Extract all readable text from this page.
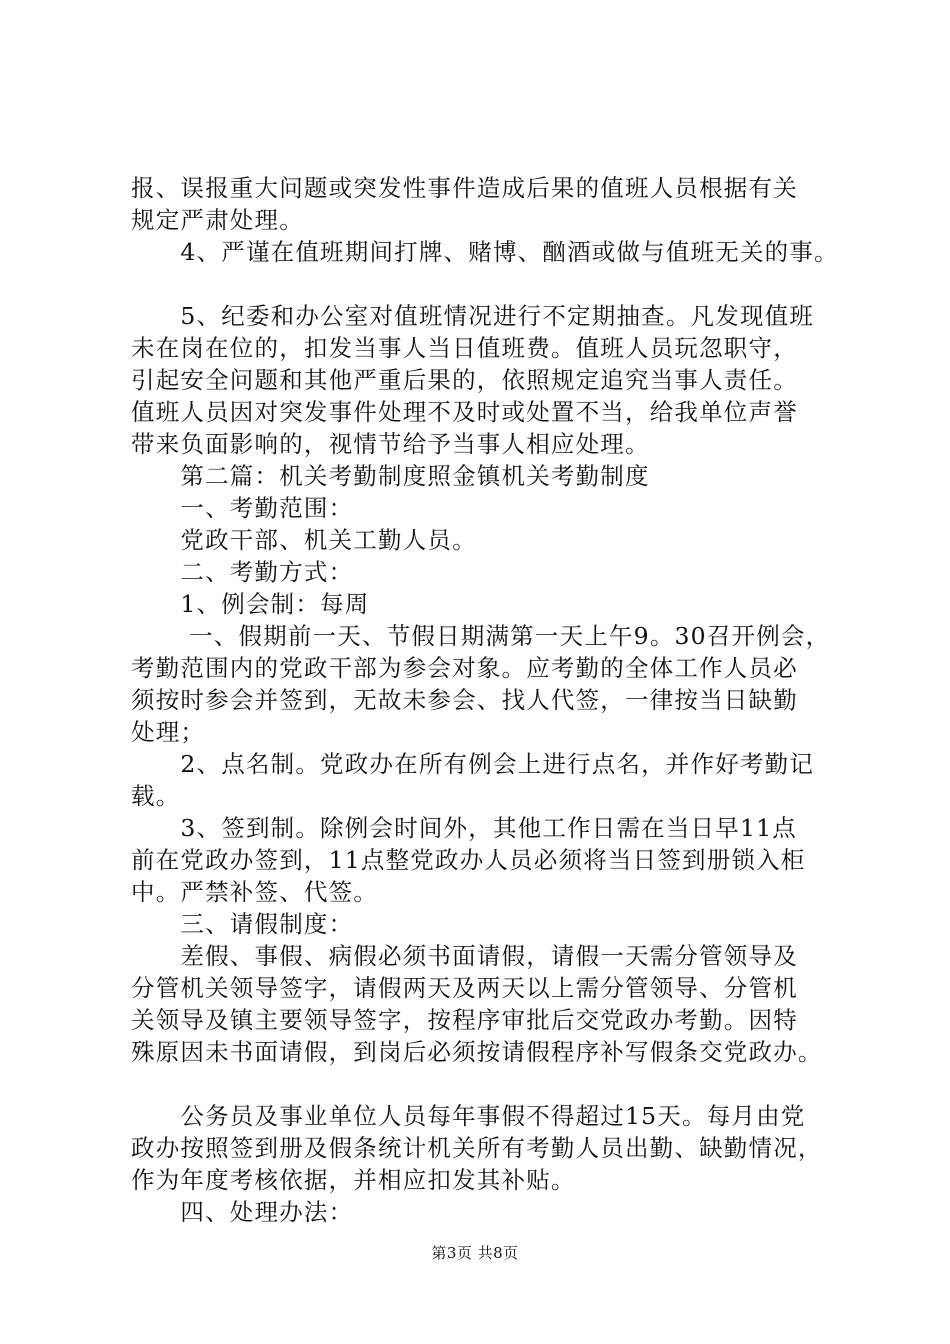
报、误报重大问题或突发性事件造成后果的值班人员根据有关
规定严肃处理。
　　4、严谨在值班期间打牌、赌博、酗酒或做与值班无关的事。
　　5、纪委和办公室对值班情况进行不定期抽查。凡发现值班
未在岗在位的，扣发当事人当日值班费。值班人员玩忽职守，
引起安全问题和其他严重后果的，依照规定追究当事人责任。
值班人员因对突发事件处理不及时或处置不当，给我单位声誉
带来负面影响的，视情节给予当事人相应处理。
　　第二篇：机关考勤制度照金镇机关考勤制度
　　一、考勤范围：
　　党政干部、机关工勤人员。
　　二、考勤方式：
　　1、例会制：每周
　　 一、假期前一天、节假日期满第一天上午9。30召开例会，
考勤范围内的党政干部为参会对象。应考勤的全体工作人员必
须按时参会并签到，无故未参会、找人代签，一律按当日缺勤
处理；
　　2、点名制。党政办在所有例会上进行点名，并作好考勤记
载。
　　3、签到制。除例会时间外，其他工作日需在当日早11点
前在党政办签到，11点整党政办人员必须将当日签到册锁入柜
中。严禁补签、代签。
　　三、请假制度：
　　差假、事假、病假必须书面请假，请假一天需分管领导及
分管机关领导签字，请假两天及两天以上需分管领导、分管机
关领导及镇主要领导签字，按程序审批后交党政办考勤。因特
殊原因未书面请假，到岗后必须按请假程序补写假条交党政办。
　　公务员及事业单位人员每年事假不得超过15天。每月由党
政办按照签到册及假条统计机关所有考勤人员出勤、缺勤情况，
作为年度考核依据，并相应扣发其补贴。
　　四、处理办法：
第3页 共8页
